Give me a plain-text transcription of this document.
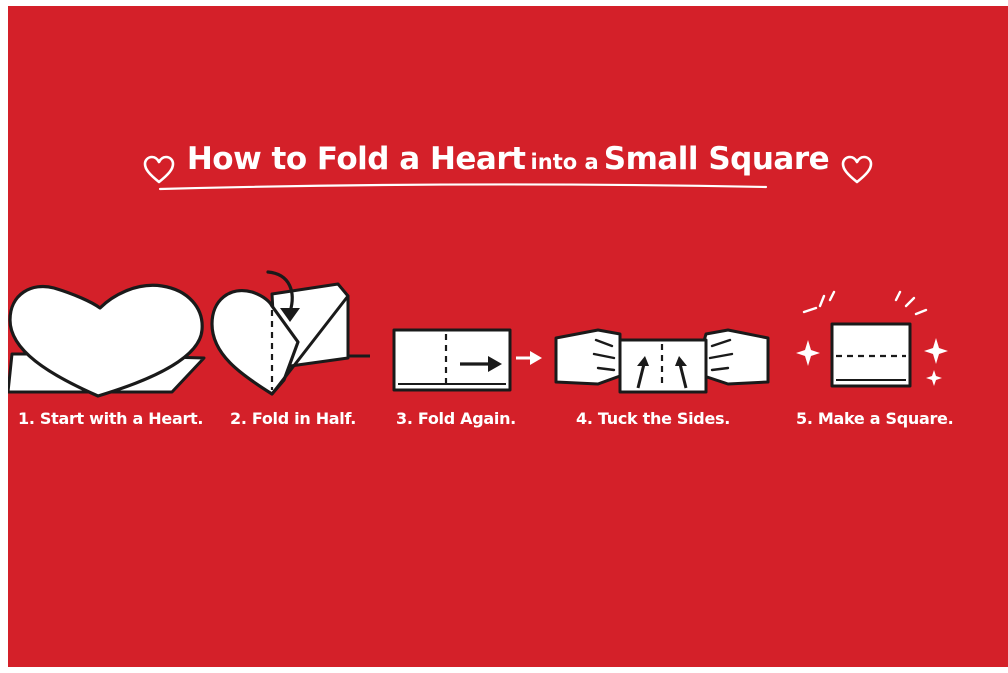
How to Fold a Heart into a Small Square
1. Start with a Heart. 2. Fold in Half. 3. Fold Again.	4. Tuck the Sides.	5. Make a Square.
